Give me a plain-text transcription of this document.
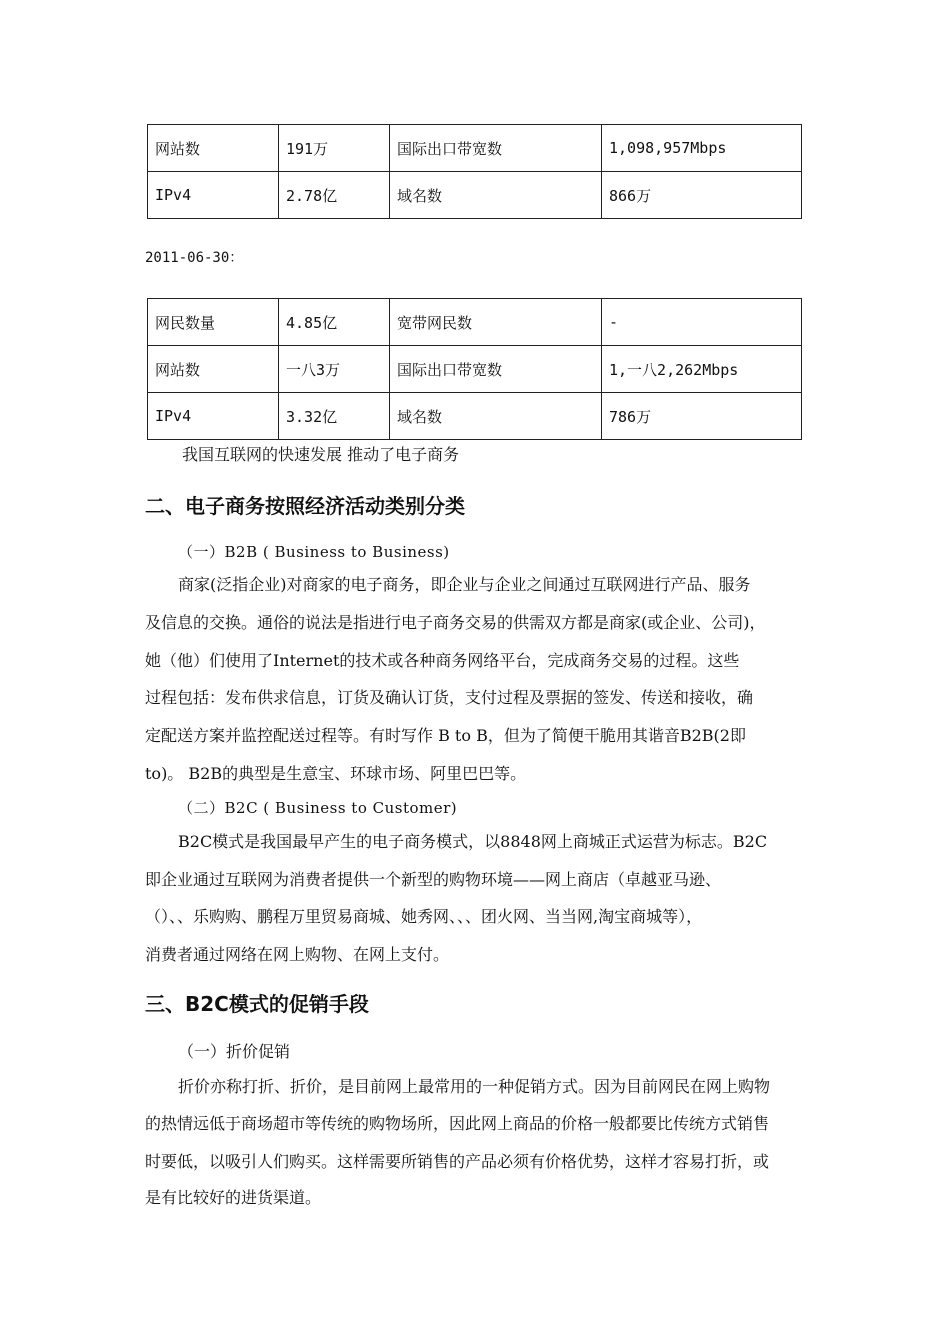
网站数	191万	国际出口带宽数	1,098,957Mbps
IPv4	2.78亿	域名数	866万
2011-06-30：
网民数量	4.85亿	宽带网民数	-
网站数	一八3万	国际出口带宽数	1,一八2,262Mbps
IPv4	3.32亿	域名数	786万
我国互联网的快速发展 推动了电子商务
二、电子商务按照经济活动类别分类
（一）B2B ( Business to Business)
商家(泛指企业)对商家的电子商务，即企业与企业之间通过互联网进行产品、服务
及信息的交换。通俗的说法是指进行电子商务交易的供需双方都是商家(或企业、公司)，
她（他）们使用了Internet的技术或各种商务网络平台，完成商务交易的过程。这些
过程包括：发布供求信息，订货及确认订货，支付过程及票据的签发、传送和接收，确
定配送方案并监控配送过程等。有时写作 B to B，但为了简便干脆用其谐音B2B(2即
to)。 B2B的典型是生意宝、环球市场、阿里巴巴等。
（二）B2C ( Business to Customer)
B2C模式是我国最早产生的电子商务模式，以8848网上商城正式运营为标志。B2C
即企业通过互联网为消费者提供一个新型的购物环境——网上商店（卓越亚马逊、
（）、、乐购购、鹏程万里贸易商城、她秀网、、、团火网、当当网,淘宝商城等），
消费者通过网络在网上购物、在网上支付。
三、B2C模式的促销手段
（一）折价促销
折价亦称打折、折价，是目前网上最常用的一种促销方式。因为目前网民在网上购物
的热情远低于商场超市等传统的购物场所，因此网上商品的价格一般都要比传统方式销售
时要低，以吸引人们购买。这样需要所销售的产品必须有价格优势，这样才容易打折，或
是有比较好的进货渠道。
